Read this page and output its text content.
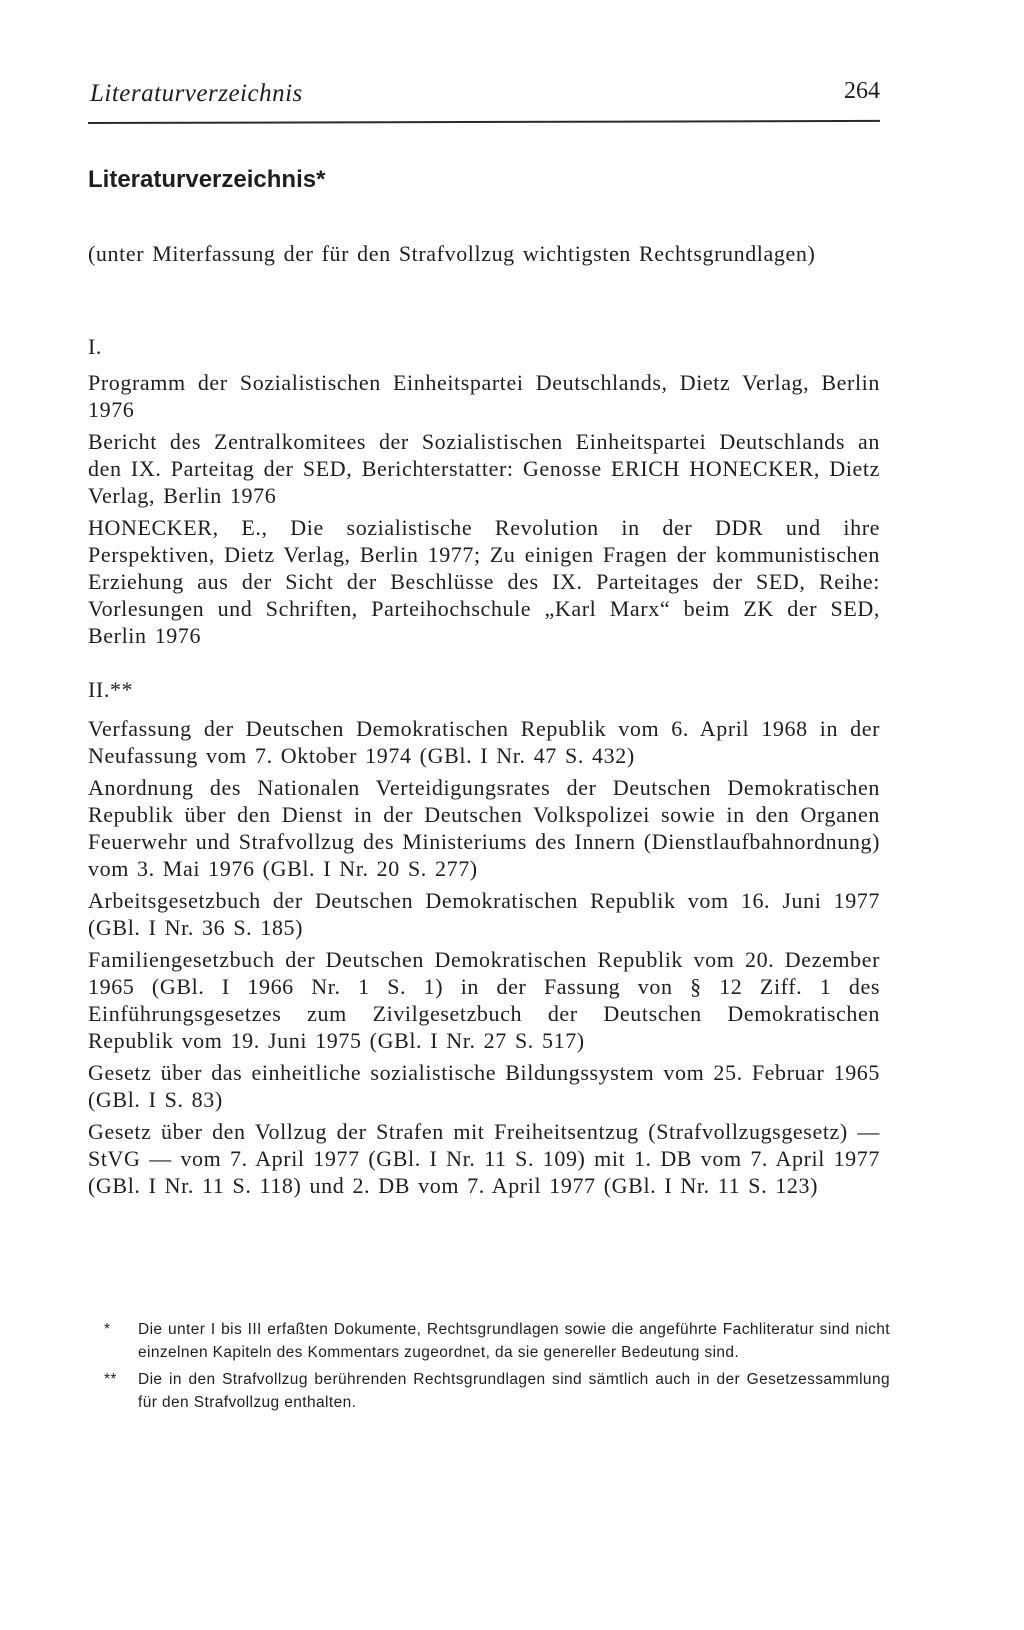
Literaturverzeichnis	264
Literaturverzeichnis*
(unter Miterfassung der für den Strafvollzug wichtigsten Rechtsgrundlagen)
I.
Programm der Sozialistischen Einheitspartei Deutschlands, Dietz Verlag, Berlin 1976
Bericht des Zentralkomitees der Sozialistischen Einheitspartei Deutschlands an den IX. Parteitag der SED, Berichterstatter: Genosse ERICH HONECKER, Dietz Verlag, Berlin 1976
HONECKER, E., Die sozialistische Revolution in der DDR und ihre Perspektiven, Dietz Verlag, Berlin 1977; Zu einigen Fragen der kommunistischen Erziehung aus der Sicht der Beschlüsse des IX. Parteitages der SED, Reihe: Vorlesungen und Schriften, Parteihochschule „Karl Marx“ beim ZK der SED, Berlin 1976
II.**
Verfassung der Deutschen Demokratischen Republik vom 6. April 1968 in der Neufassung vom 7. Oktober 1974 (GBl. I Nr. 47 S. 432)
Anordnung des Nationalen Verteidigungsrates der Deutschen Demokratischen Republik über den Dienst in der Deutschen Volkspolizei sowie in den Organen Feuerwehr und Strafvollzug des Ministeriums des Innern (Dienstlaufbahnordnung) vom 3. Mai 1976 (GBl. I Nr. 20 S. 277)
Arbeitsgesetzbuch der Deutschen Demokratischen Republik vom 16. Juni 1977 (GBl. I Nr. 36 S. 185)
Familiengesetzbuch der Deutschen Demokratischen Republik vom 20. Dezember 1965 (GBl. I 1966 Nr. 1 S. 1) in der Fassung von § 12 Ziff. 1 des Einführungsgesetzes zum Zivilgesetzbuch der Deutschen Demokratischen Republik vom 19. Juni 1975 (GBl. I Nr. 27 S. 517)
Gesetz über das einheitliche sozialistische Bildungssystem vom 25. Februar 1965 (GBl. I S. 83)
Gesetz über den Vollzug der Strafen mit Freiheitsentzug (Strafvollzugsgesetz) — StVG — vom 7. April 1977 (GBl. I Nr. 11 S. 109) mit 1. DB vom 7. April 1977 (GBl. I Nr. 11 S. 118) und 2. DB vom 7. April 1977 (GBl. I Nr. 11 S. 123)
*	Die unter I bis III erfaßten Dokumente, Rechtsgrundlagen sowie die angeführte Fachliteratur sind nicht einzelnen Kapiteln des Kommentars zugeordnet, da sie genereller Bedeutung sind.
**	Die in den Strafvollzug berührenden Rechtsgrundlagen sind sämtlich auch in der Gesetzessammlung für den Strafvollzug enthalten.
